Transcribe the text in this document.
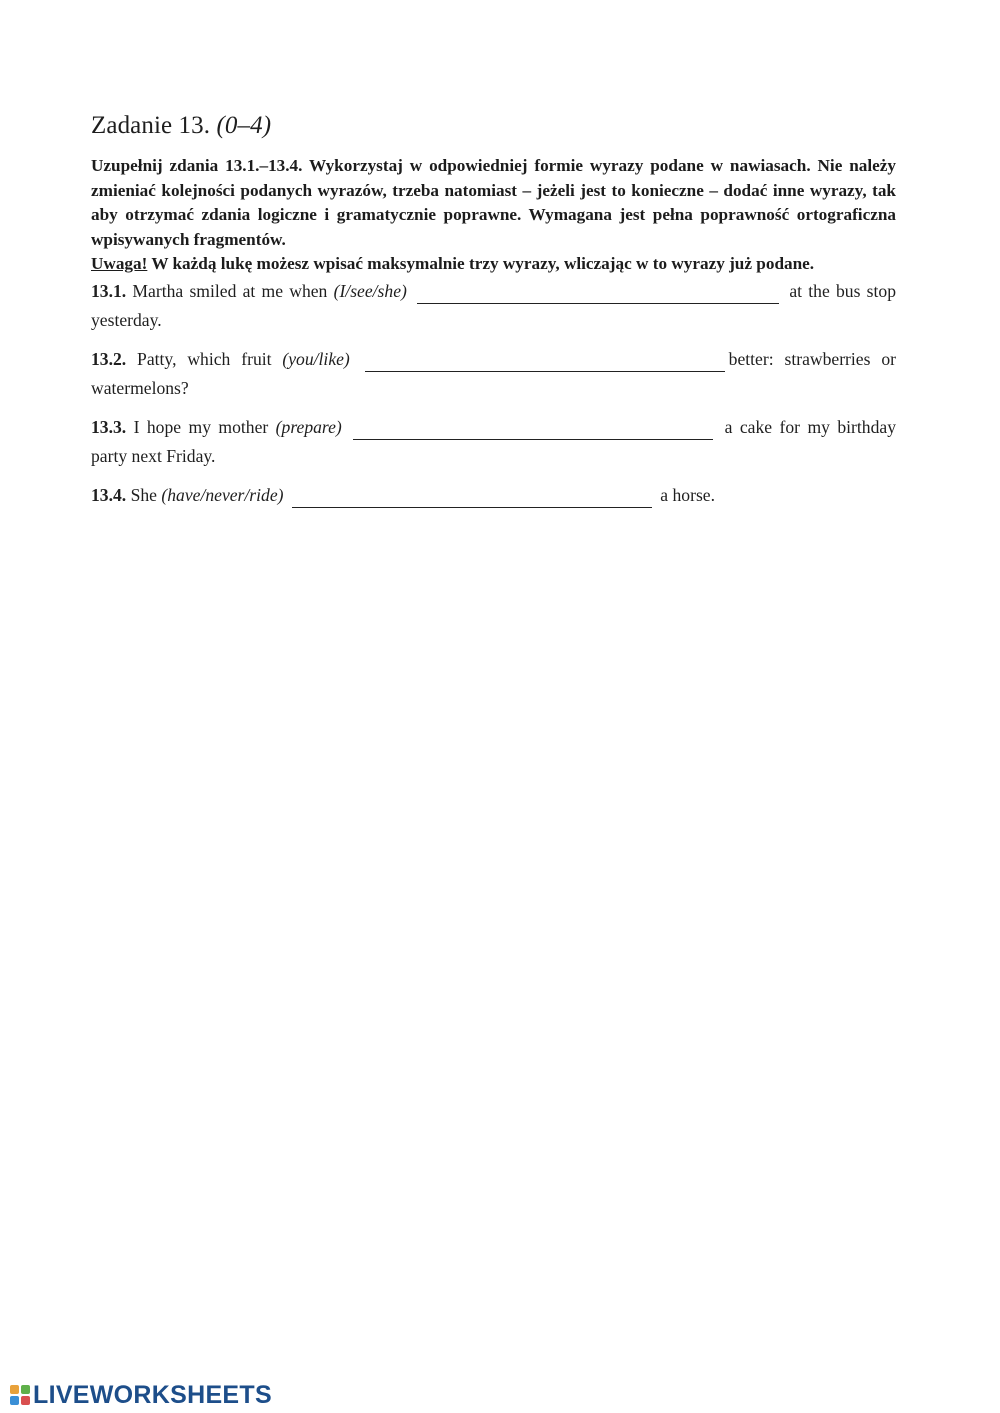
Zadanie 13. (0–4)

Uzupełnij zdania 13.1.–13.4. Wykorzystaj w odpowiedniej formie wyrazy podane w nawiasach. Nie należy zmieniać kolejności podanych wyrazów, trzeba natomiast – jeżeli jest to konieczne – dodać inne wyrazy, tak aby otrzymać zdania logiczne i gramatycznie poprawne. Wymagana jest pełna poprawność ortograficzna wpisywanych fragmentów.
Uwaga! W każdą lukę możesz wpisać maksymalnie trzy wyrazy, wliczając w to wyrazy już podane.

13.1. Martha smiled at me when (I/see/she)	at the bus stop yesterday.

13.2. Patty, which fruit (you/like)	better: strawberries or watermelons?

13.3. I hope my mother (prepare)	a cake for my birthday party next Friday.

13.4. She (have/never/ride)	a horse.

LIVEWORKSHEETS
